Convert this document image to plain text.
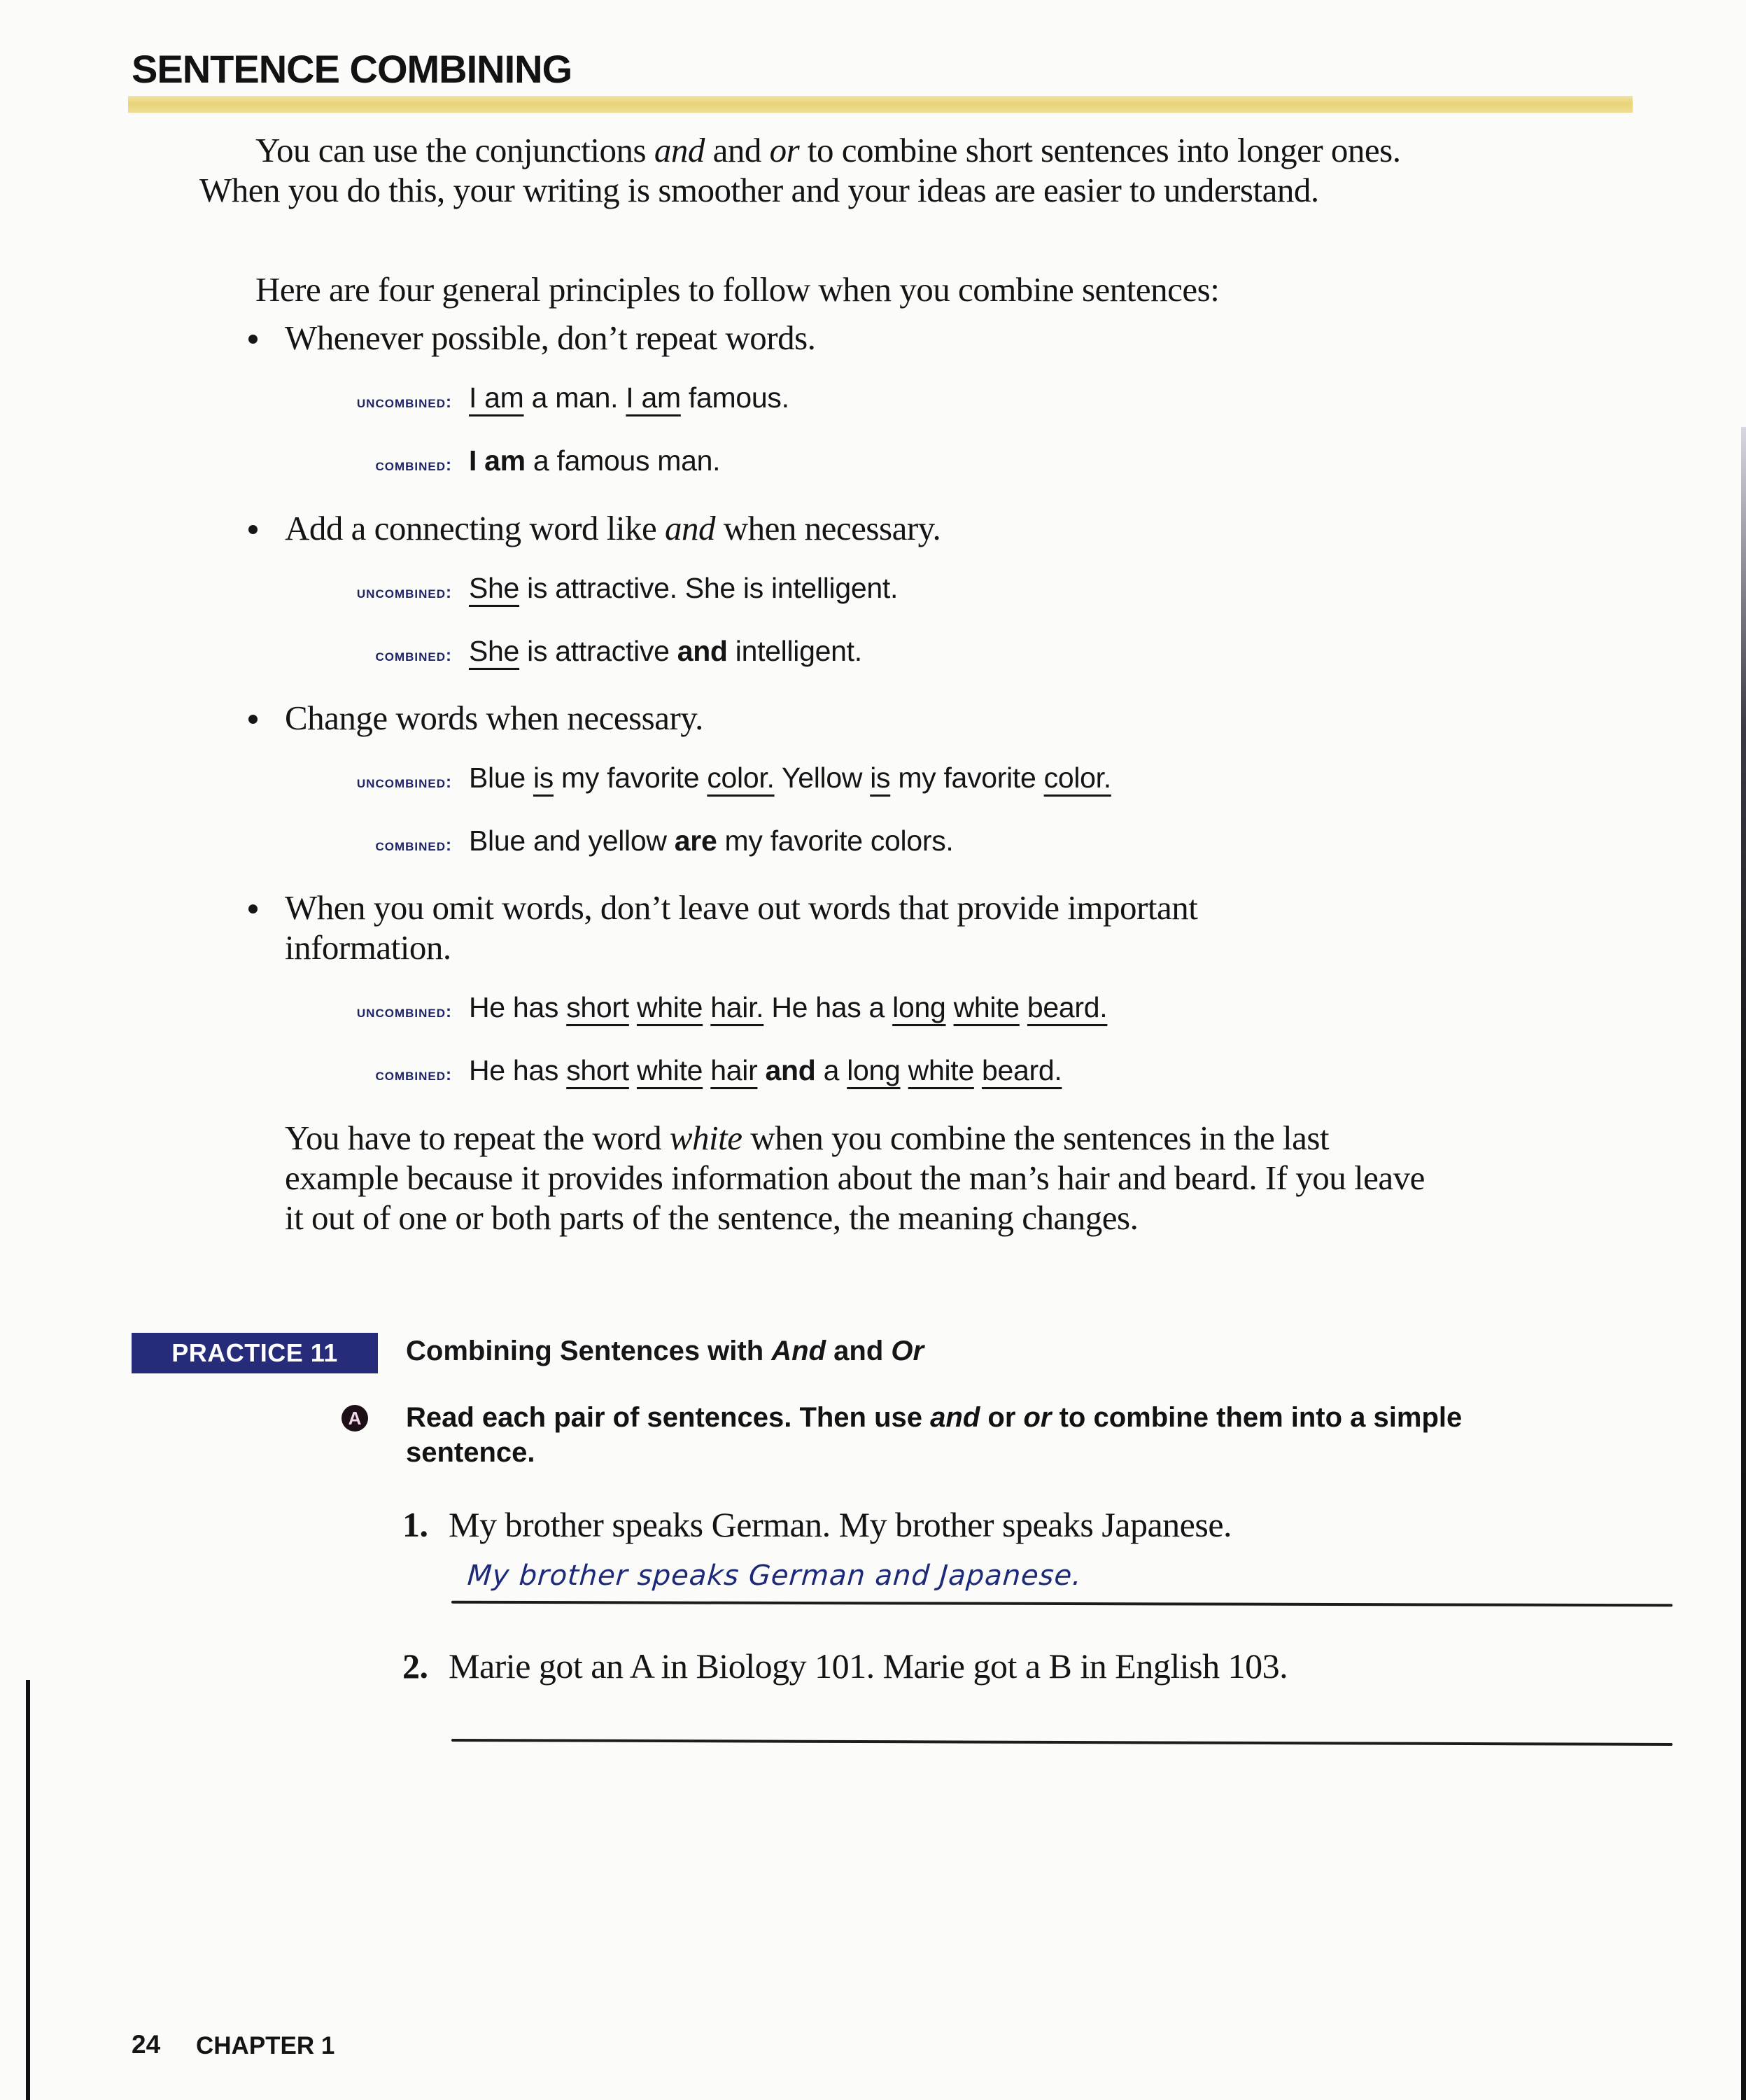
SENTENCE COMBINING
You can use the conjunctions and and or to combine short sentences into longer ones. When you do this, your writing is smoother and your ideas are easier to understand.
Here are four general principles to follow when you combine sentences:
Whenever possible, don’t repeat words.
uncombined: I am a man. I am famous.
combined: I am a famous man.
Add a connecting word like and when necessary.
uncombined: She is attractive. She is intelligent.
combined: She is attractive and intelligent.
Change words when necessary.
uncombined: Blue is my favorite color. Yellow is my favorite color.
combined: Blue and yellow are my favorite colors.
When you omit words, don’t leave out words that provide important information.
uncombined: He has short white hair. He has a long white beard.
combined: He has short white hair and a long white beard.
You have to repeat the word white when you combine the sentences in the last example because it provides information about the man’s hair and beard. If you leave it out of one or both parts of the sentence, the meaning changes.
PRACTICE 11	Combining Sentences with And and Or
A Read each pair of sentences. Then use and or or to combine them into a simple sentence.
1. My brother speaks German. My brother speaks Japanese.
My brother speaks German and Japanese.
2. Marie got an A in Biology 101. Marie got a B in English 103.
24 CHAPTER 1
